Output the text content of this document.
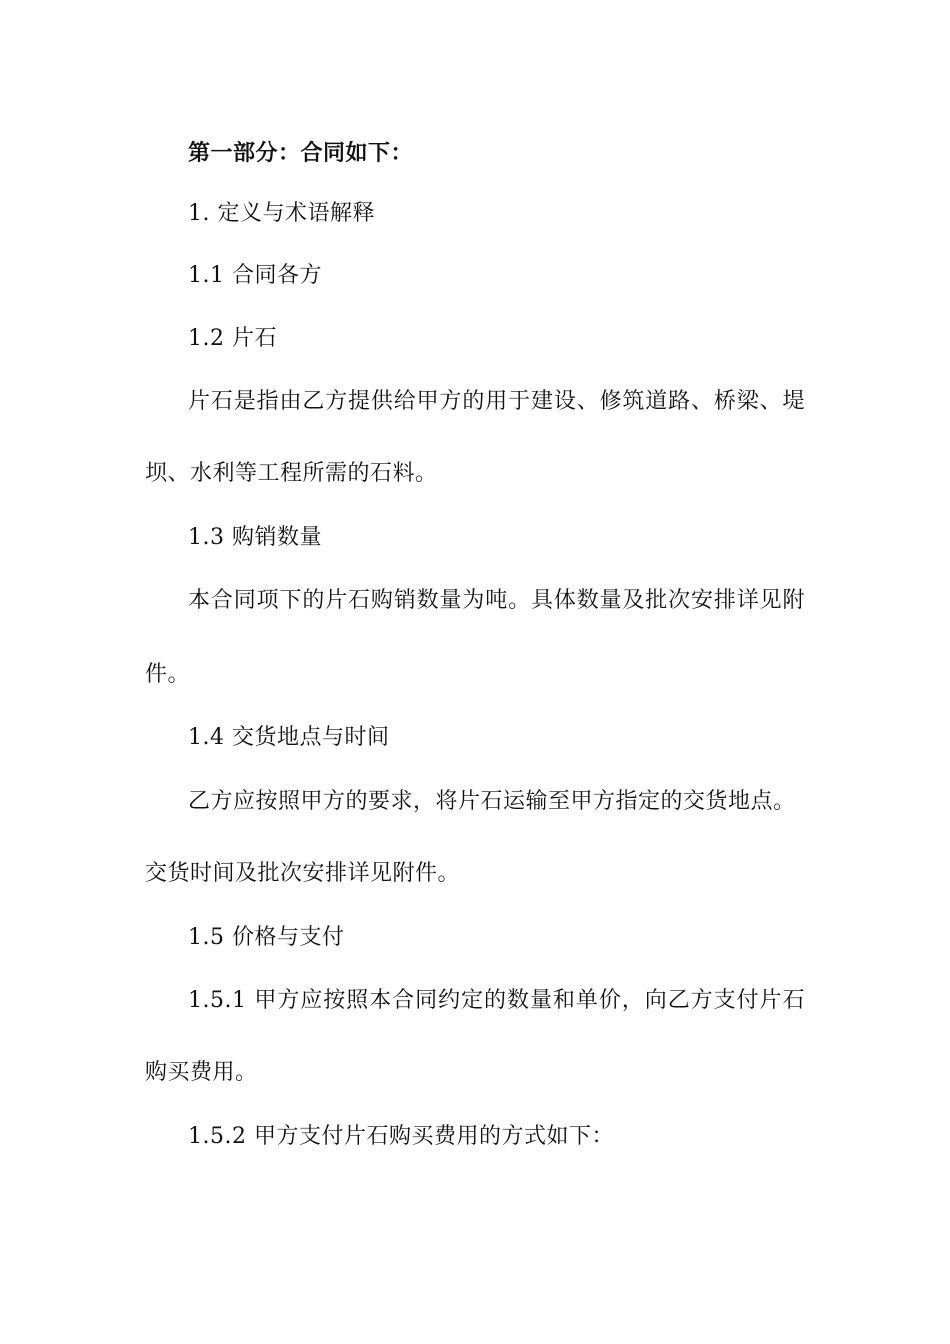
第一部分：合同如下：
1. 定义与术语解释
1.1 合同各方
1.2 片石
片石是指由乙方提供给甲方的用于建设、修筑道路、桥梁、堤
坝、水利等工程所需的石料。
1.3 购销数量
本合同项下的片石购销数量为吨。具体数量及批次安排详见附
件。
1.4 交货地点与时间
乙方应按照甲方的要求，将片石运输至甲方指定的交货地点。
交货时间及批次安排详见附件。
1.5 价格与支付
1.5.1 甲方应按照本合同约定的数量和单价，向乙方支付片石
购买费用。
1.5.2 甲方支付片石购买费用的方式如下：
